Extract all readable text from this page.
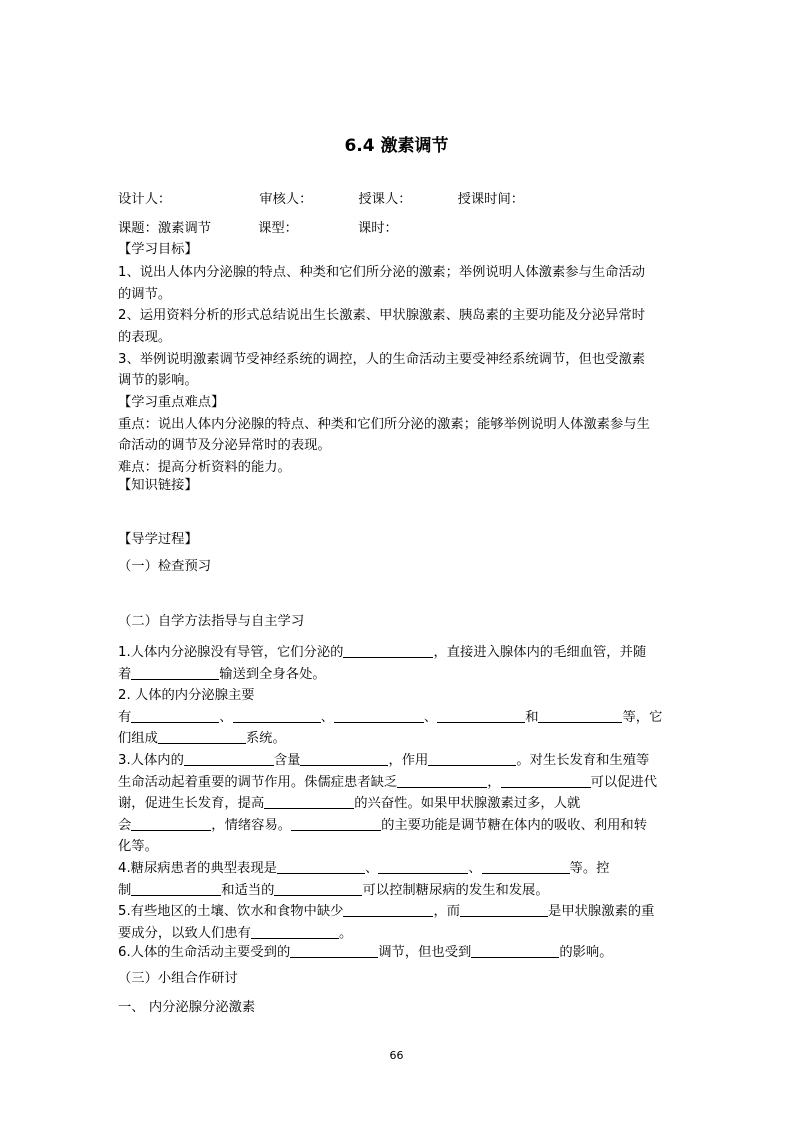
6.4 激素调节
设计人：	审核人：	授课人：	授课时间：
课题：激素调节	课型：	课时：
【学习目标】
1、说出人体内分泌腺的特点、种类和它们所分泌的激素；举例说明人体激素参与生命活动
的调节。
2、运用资料分析的形式总结说出生长激素、甲状腺激素、胰岛素的主要功能及分泌异常时
的表现。
3、举例说明激素调节受神经系统的调控，人的生命活动主要受神经系统调节，但也受激素
调节的影响。
【学习重点难点】
重点：说出人体内分泌腺的特点、种类和它们所分泌的激素；能够举例说明人体激素参与生
命活动的调节及分泌异常时的表现。
难点：提高分析资料的能力。
【知识链接】
【导学过程】
（一）检查预习
（二）自学方法指导与自主学习
1.人体内分泌腺没有导管，它们分泌的	，直接进入腺体内的毛细血管，并随
着	输送到全身各处。
2. 人体的内分泌腺主要
有	、	、	、	和	等，它
们组成	系统。
3.人体内的	含量	，作用	。对生长发育和生殖等
生命活动起着重要的调节作用。侏儒症患者缺乏	，	可以促进代
谢，促进生长发育，提高	的兴奋性。如果甲状腺激素过多，人就
会	，情绪容易。	的主要功能是调节糖在体内的吸收、利用和转
化等。
4.糖尿病患者的典型表现是	、	、	等。控
制	和适当的	可以控制糖尿病的发生和发展。
5.有些地区的土壤、饮水和食物中缺少	，而	是甲状腺激素的重
要成分，以致人们患有	。
6.人体的生命活动主要受到的	调节，但也受到	的影响。
（三）小组合作研讨
一、 内分泌腺分泌激素
66
